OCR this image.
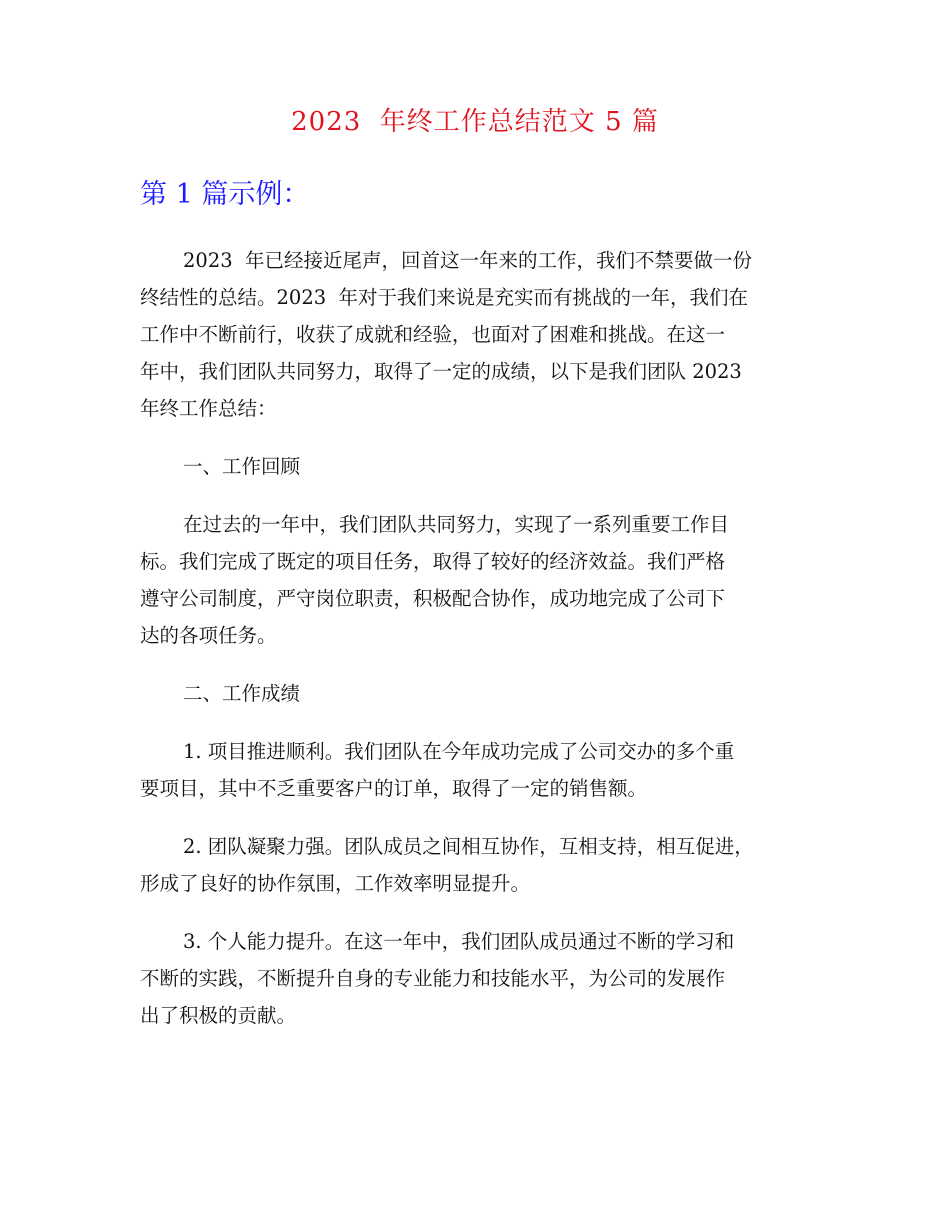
2023  年终工作总结范文 5 篇
第 1 篇示例：

2023  年已经接近尾声，回首这一年来的工作，我们不禁要做一份
终结性的总结。2023  年对于我们来说是充实而有挑战的一年，我们在
工作中不断前行，收获了成就和经验，也面对了困难和挑战。在这一
年中，我们团队共同努力，取得了一定的成绩，以下是我们团队 2023
年终工作总结：

一、工作回顾

在过去的一年中，我们团队共同努力，实现了一系列重要工作目
标。我们完成了既定的项目任务，取得了较好的经济效益。我们严格
遵守公司制度，严守岗位职责，积极配合协作，成功地完成了公司下
达的各项任务。

二、工作成绩

1. 项目推进顺利。我们团队在今年成功完成了公司交办的多个重
要项目，其中不乏重要客户的订单，取得了一定的销售额。

2. 团队凝聚力强。团队成员之间相互协作，互相支持，相互促进，
形成了良好的协作氛围，工作效率明显提升。

3. 个人能力提升。在这一年中，我们团队成员通过不断的学习和
不断的实践，不断提升自身的专业能力和技能水平，为公司的发展作
出了积极的贡献。
